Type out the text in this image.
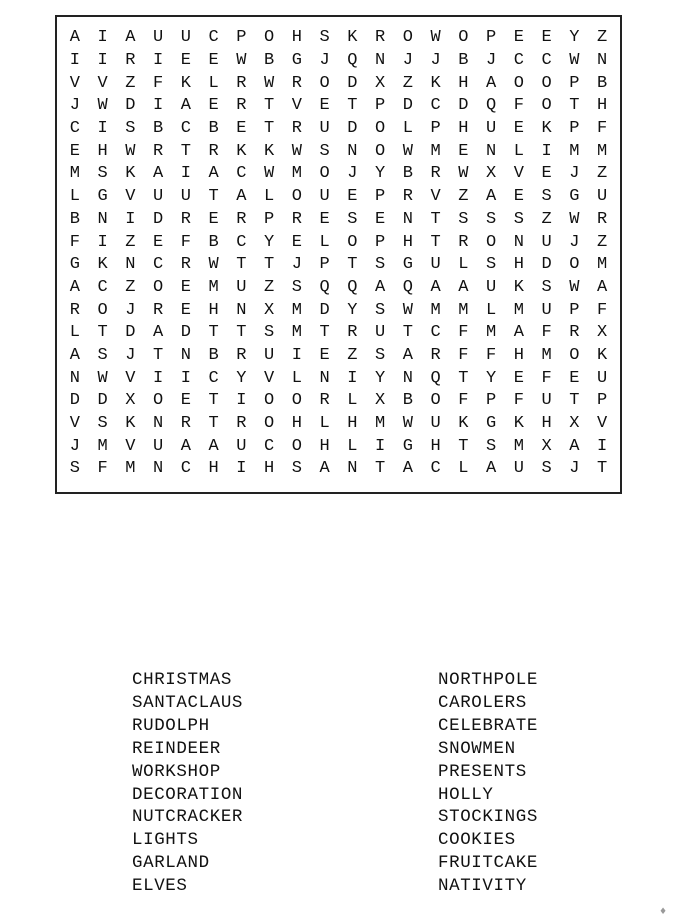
A	I	A	U	U	C	P	O	H	S	K	R	O	W	O	P	E	E	Y	Z
I	I	R	I	E	E	W	B	G	J	Q	N	J	J	B	J	C	C	W	N
V	V	Z	F	K	L	R	W	R	O	D	X	Z	K	H	A	O	O	P	B
J	W	D	I	A	E	R	T	V	E	T	P	D	C	D	Q	F	O	T	H
C	I	S	B	C	B	E	T	R	U	D	O	L	P	H	U	E	K	P	F
E	H	W	R	T	R	K	K	W	S	N	O	W	M	E	N	L	I	M	M
M	S	K	A	I	A	C	W	M	O	J	Y	B	R	W	X	V	E	J	Z
L	G	V	U	U	T	A	L	O	U	E	P	R	V	Z	A	E	S	G	U
B	N	I	D	R	E	R	P	R	E	S	E	N	T	S	S	S	Z	W	R
F	I	Z	E	F	B	C	Y	E	L	O	P	H	T	R	O	N	U	J	Z
G	K	N	C	R	W	T	T	J	P	T	S	G	U	L	S	H	D	O	M
A	C	Z	O	E	M	U	Z	S	Q	Q	A	Q	A	A	U	K	S	W	A
R	O	J	R	E	H	N	X	M	D	Y	S	W	M	M	L	M	U	P	F
L	T	D	A	D	T	T	S	M	T	R	U	T	C	F	M	A	F	R	X
A	S	J	T	N	B	R	U	I	E	Z	S	A	R	F	F	H	M	O	K
N	W	V	I	I	C	Y	V	L	N	I	Y	N	Q	T	Y	E	F	E	U
D	D	X	O	E	T	I	O	O	R	L	X	B	O	F	P	F	U	T	P
V	S	K	N	R	T	R	O	H	L	H	M	W	U	K	G	K	H	X	V
J	M	V	U	A	A	U	C	O	H	L	I	G	H	T	S	M	X	A	I
S	F	M	N	C	H	I	H	S	A	N	T	A	C	L	A	U	S	J	T
CHRISTMAS
SANTACLAUS
RUDOLPH
REINDEER
WORKSHOP
DECORATION
NUTCRACKER
LIGHTS
GARLAND
ELVES
NORTHPOLE
CAROLERS
CELEBRATE
SNOWMEN
PRESENTS
HOLLY
STOCKINGS
COOKIES
FRUITCAKE
NATIVITY
♦
